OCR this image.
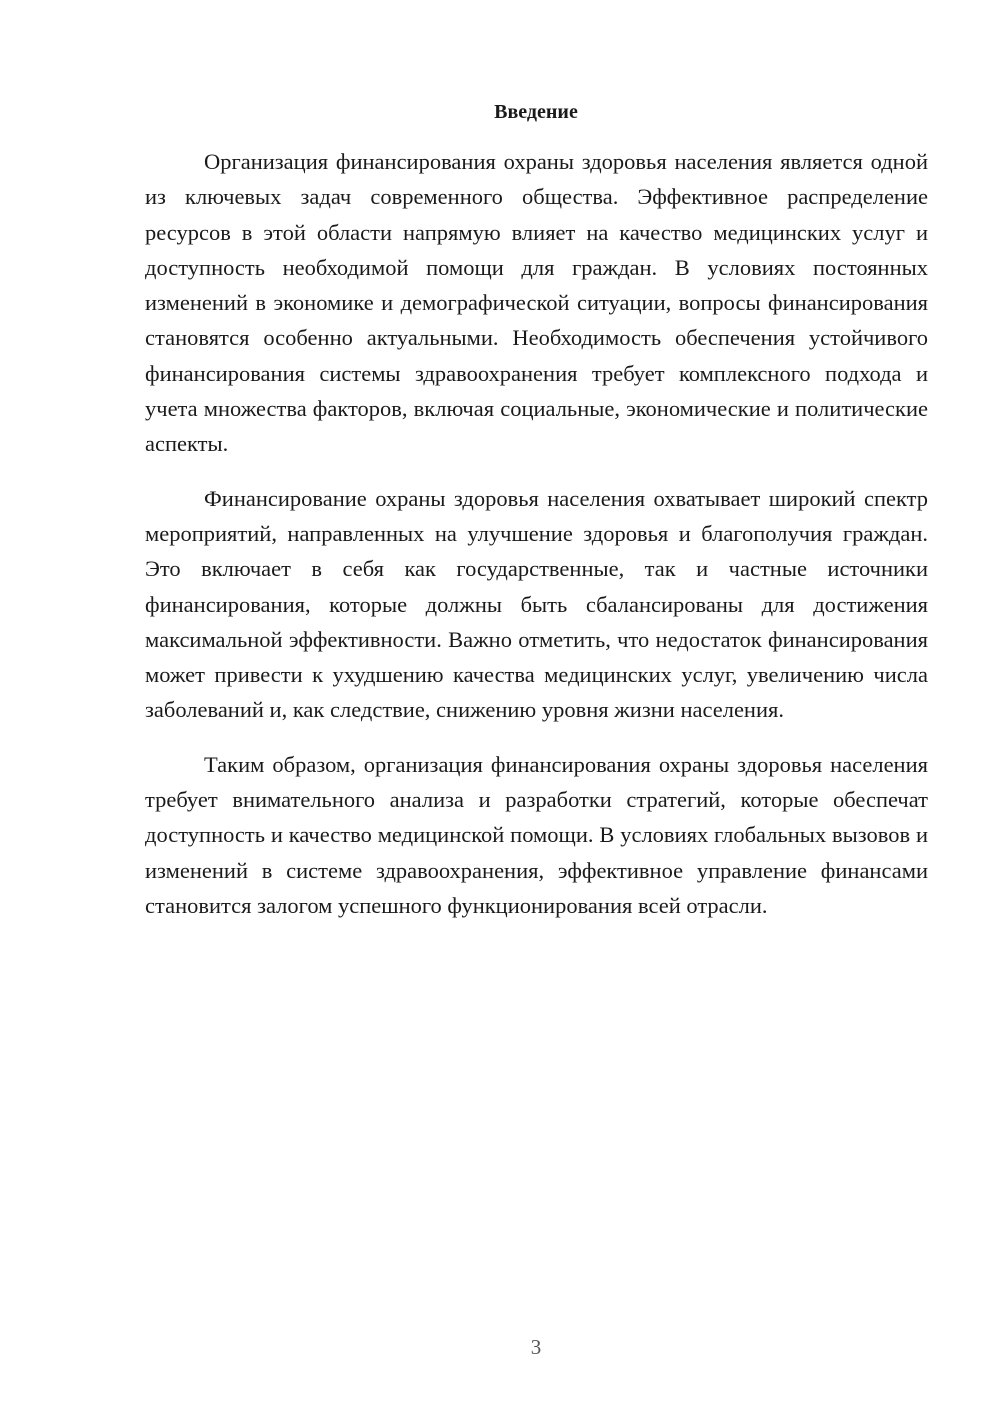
Введение

Организация финансирования охраны здоровья населения является одной из ключевых задач современного общества. Эффективное распределение ресурсов в этой области напрямую влияет на качество медицинских услуг и доступность необходимой помощи для граждан. В условиях постоянных изменений в экономике и демографической ситуации, вопросы финансирования становятся особенно актуальными. Необходимость обеспечения устойчивого финансирования системы здравоохранения требует комплексного подхода и учета множества факторов, включая социальные, экономические и политические аспекты.

Финансирование охраны здоровья населения охватывает широкий спектр мероприятий, направленных на улучшение здоровья и благополучия граждан. Это включает в себя как государственные, так и частные источники финансирования, которые должны быть сбалансированы для достижения максимальной эффективности. Важно отметить, что недостаток финансирования может привести к ухудшению качества медицинских услуг, увеличению числа заболеваний и, как следствие, снижению уровня жизни населения.

Таким образом, организация финансирования охраны здоровья населения требует внимательного анализа и разработки стратегий, которые обеспечат доступность и качество медицинской помощи. В условиях глобальных вызовов и изменений в системе здравоохранения, эффективное управление финансами становится залогом успешного функционирования всей отрасли.

3
